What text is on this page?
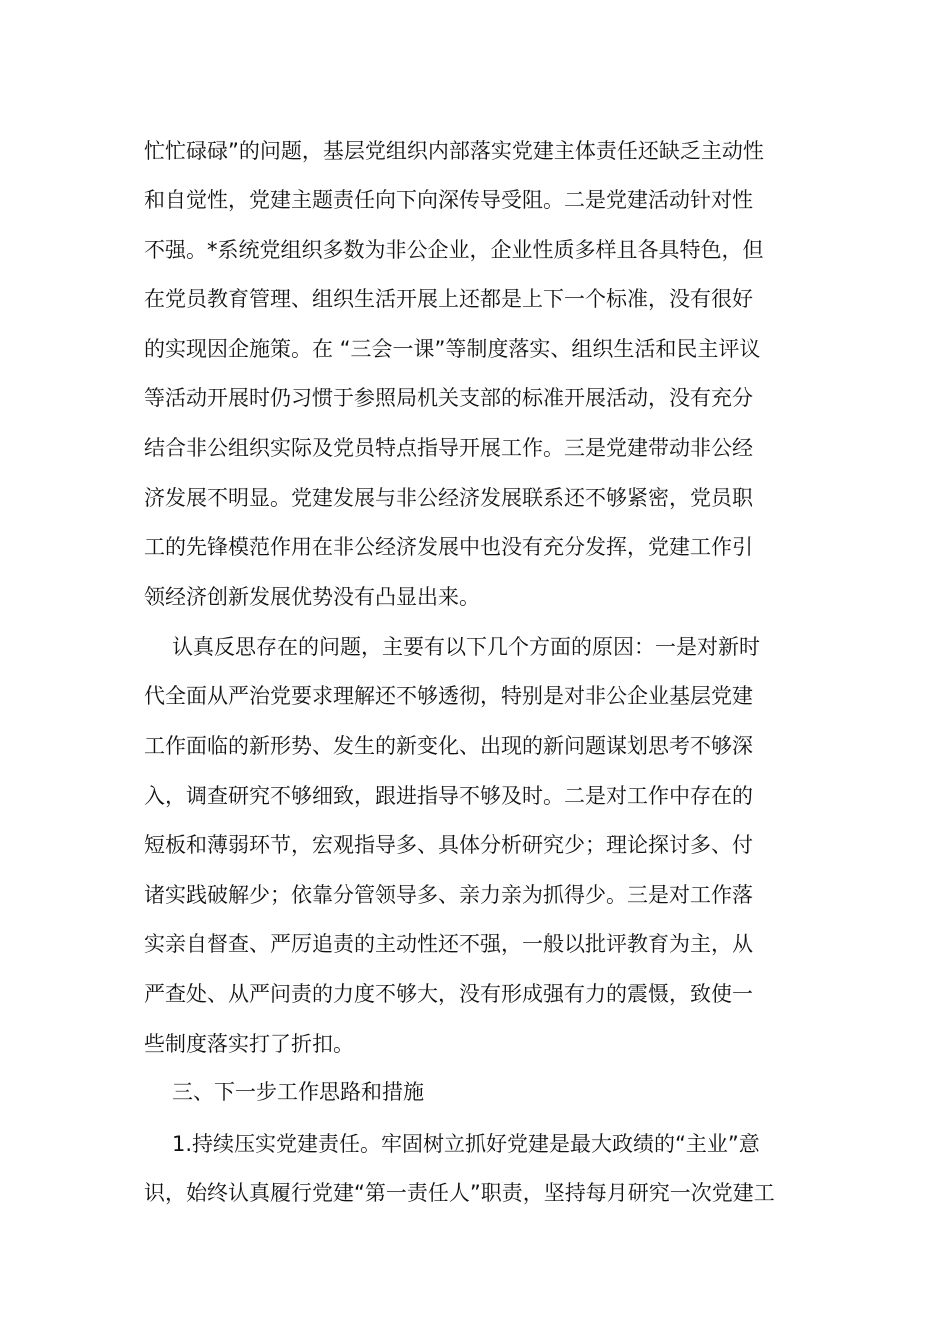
忙忙碌碌”的问题，基层党组织内部落实党建主体责任还缺乏主动性
和自觉性，党建主题责任向下向深传导受阻。二是党建活动针对性
不强。*系统党组织多数为非公企业，企业性质多样且各具特色，但
在党员教育管理、组织生活开展上还都是上下一个标准，没有很好
的实现因企施策。在 “三会一课”等制度落实、组织生活和民主评议
等活动开展时仍习惯于参照局机关支部的标准开展活动，没有充分
结合非公组织实际及党员特点指导开展工作。三是党建带动非公经
济发展不明显。党建发展与非公经济发展联系还不够紧密，党员职
工的先锋模范作用在非公经济发展中也没有充分发挥，党建工作引
领经济创新发展优势没有凸显出来。
认真反思存在的问题，主要有以下几个方面的原因：一是对新时
代全面从严治党要求理解还不够透彻，特别是对非公企业基层党建
工作面临的新形势、发生的新变化、出现的新问题谋划思考不够深
入，调查研究不够细致，跟进指导不够及时。二是对工作中存在的
短板和薄弱环节，宏观指导多、具体分析研究少；理论探讨多、付
诸实践破解少；依靠分管领导多、亲力亲为抓得少。三是对工作落
实亲自督查、严厉追责的主动性还不强，一般以批评教育为主，从
严查处、从严问责的力度不够大，没有形成强有力的震慑，致使一
些制度落实打了折扣。
三、下一步工作思路和措施
1.持续压实党建责任。牢固树立抓好党建是最大政绩的“主业”意
识，始终认真履行党建“第一责任人”职责，坚持每月研究一次党建工
